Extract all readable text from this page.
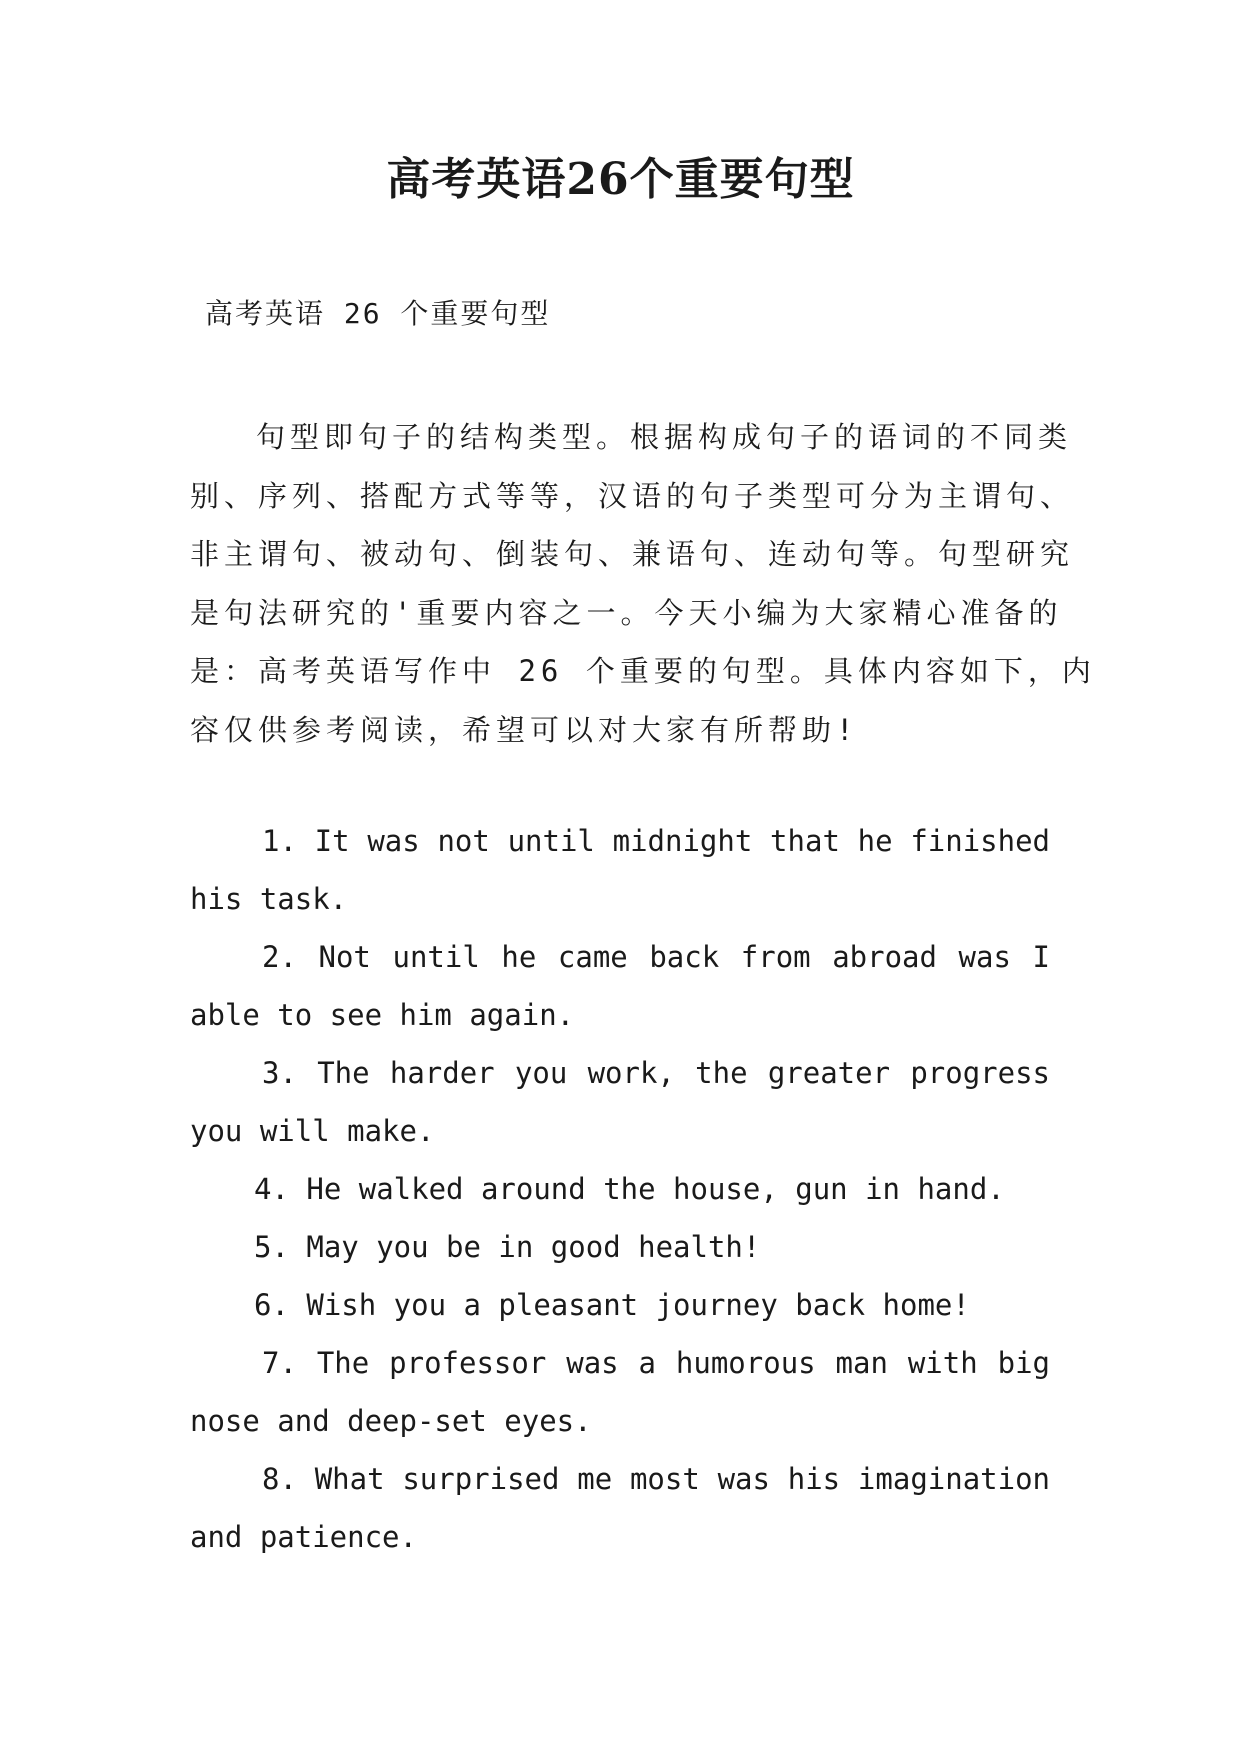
高考英语26个重要句型
高考英语 26 个重要句型
句型即句子的结构类型。根据构成句子的语词的不同类
别、序列、搭配方式等等，汉语的句子类型可分为主谓句、
非主谓句、被动句、倒装句、兼语句、连动句等。句型研究
是句法研究的'重要内容之一。今天小编为大家精心准备的
是：高考英语写作中 26 个重要的句型。具体内容如下，内
容仅供参考阅读，希望可以对大家有所帮助!
1. It was not until midnight that he finished
his task.
2. Not until he came back from abroad was I
able to see him again.
3. The harder you work, the greater progress
you will make.
4. He walked around the house, gun in hand.
5. May you be in good health!
6. Wish you a pleasant journey back home!
7. The professor was a humorous man with big
nose and deep-set eyes.
8. What surprised me most was his imagination
and patience.
